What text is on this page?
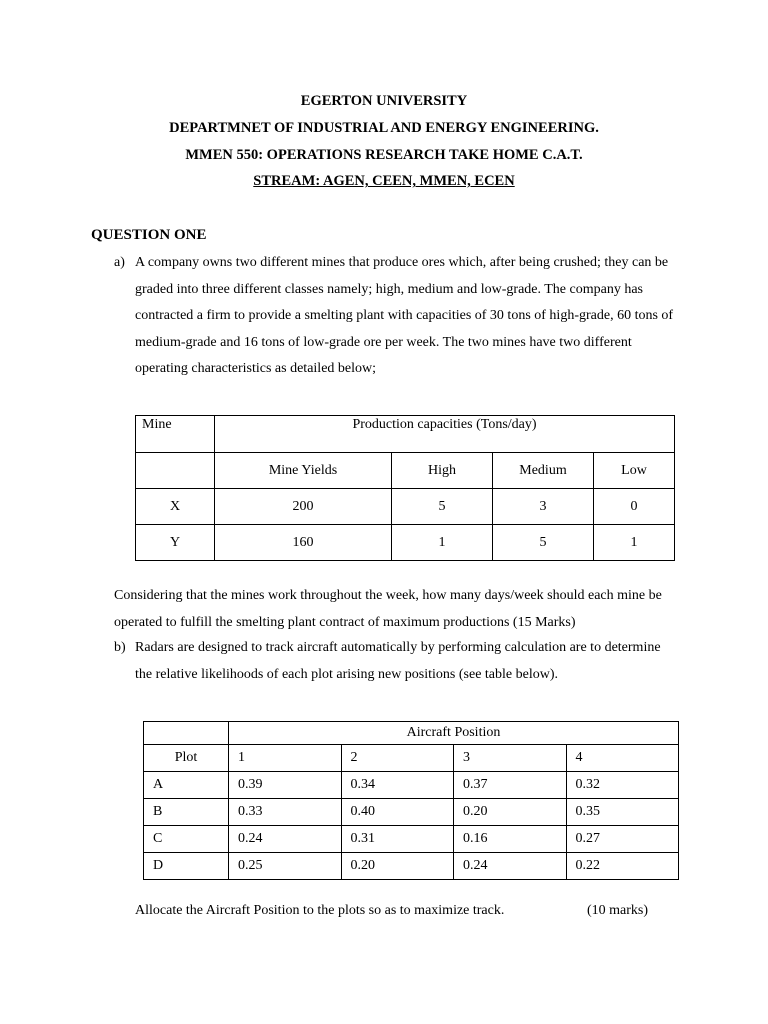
EGERTON UNIVERSITY
DEPARTMNET OF INDUSTRIAL AND ENERGY ENGINEERING.
MMEN 550: OPERATIONS RESEARCH TAKE HOME C.A.T.
STREAM: AGEN, CEEN, MMEN, ECEN
QUESTION ONE
a) A company owns two different mines that produce ores which, after being crushed; they can be graded into three different classes namely; high, medium and low-grade. The company has contracted a firm to provide a smelting plant with capacities of 30 tons of high-grade, 60 tons of medium-grade and 16 tons of low-grade ore per week. The two mines have two different operating characteristics as detailed below;
Mine	Production capacities (Tons/day)			
	Mine Yields	High	Medium	Low
X	200	5	3	0
Y	160	1	5	1
Considering that the mines work throughout the week, how many days/week should each mine be operated to fulfill the smelting plant contract of maximum productions (15 Marks)
b) Radars are designed to track aircraft automatically by performing calculation are to determine the relative likelihoods of each plot arising new positions (see table below).
	Aircraft Position			
Plot	1	2	3	4
A	0.39	0.34	0.37	0.32
B	0.33	0.40	0.20	0.35
C	0.24	0.31	0.16	0.27
D	0.25	0.20	0.24	0.22
Allocate the Aircraft Position to the plots so as to maximize track.	(10 marks)
